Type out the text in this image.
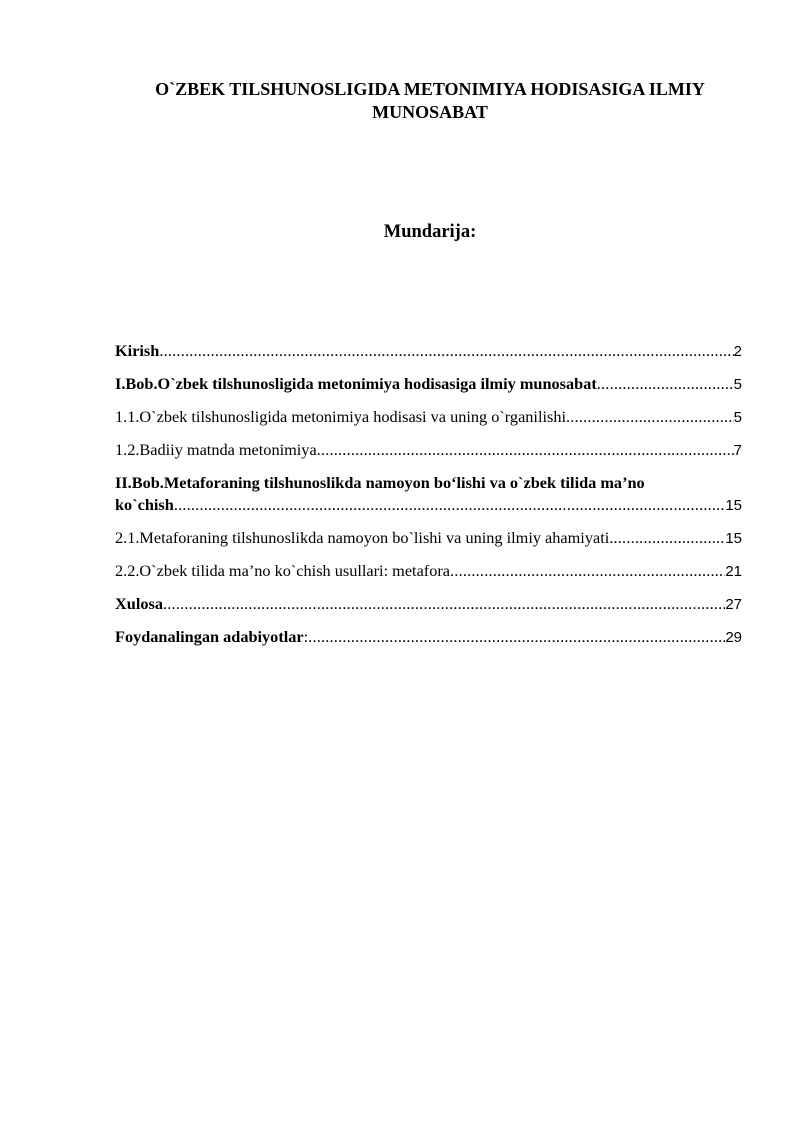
O`ZBEK TILSHUNOSLIGIDA METONIMIYA HODISASIGA ILMIY
MUNOSABAT
Mundarija:
Kirish .....	2
I.Bob.O`zbek tilshunosligida metonimiya hodisasiga ilmiy munosabat .....	5
1.1.O`zbek tilshunosligida metonimiya hodisasi va uning o`rganilishi .....	5
1.2.Badiiy matnda metonimiya .....	7
II.Bob.Metaforaning tilshunoslikda namoyon bo‘lishi va o`zbek tilida ma’no
ko`chish .....	15
2.1.Metaforaning tilshunoslikda namoyon bo`lishi va uning ilmiy ahamiyati .....	15
2.2.O`zbek tilida ma’no ko`chish usullari: metafora .....	21
Xulosa .....	27
Foydanalingan adabiyotlar : .....	29
